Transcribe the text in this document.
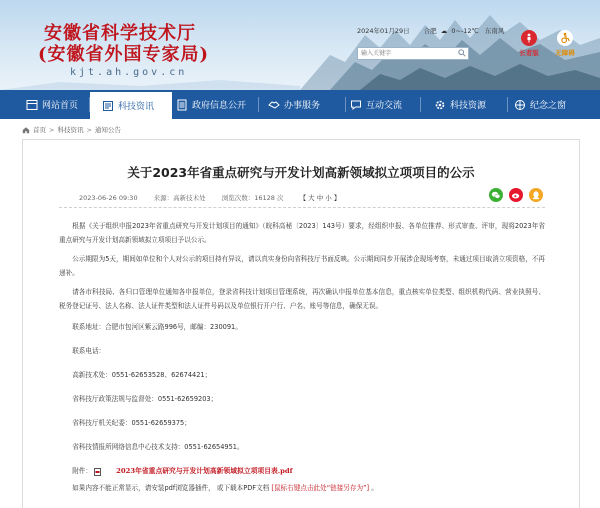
安徽省科学技术厅
(安徽省外国专家局)
kjt.ah.gov.cn
2024年01月29日 合肥 ☁ 0~-12℃ 东南风
输入关键字
长者版	无障碍
网站首页	科技资讯	政府信息公开	办事服务	互动交流	科技资源	纪念之窗
首页 > 科技资讯 > 通知公告
关于2023年省重点研究与开发计划高新领域拟立项项目的公示
2023-06-26 09:30 来源：高新技术处 浏览次数：16128 次 【 大 中 小 】

根据《关于组织申报2023年省重点研究与开发计划项目的通知》（皖科高秘〔2023〕143号）要求，经组织申报、各单位推荐、形式审查、评审，现将2023年省重点研究与开发计划高新领域拟立项项目予以公示。

公示期限为5天，期间如单位和个人对公示的项目持有异议，请以真实身份向省科技厅书面反映。公示期间同步开展涉企现场考察，未通过项目取消立项资格，不再递补。

请各市科技局、各归口管理单位通知各申报单位，登录省科技计划项目管理系统，再次确认申报单位基本信息，重点核实单位类型、组织机构代码、营业执照号、税务登记证号、法人名称、法人证件类型和法人证件号码以及单位银行开户行、户名、账号等信息，确保无误。

联系地址：合肥市包河区紫云路996号，邮编：230091。

联系电话：

高新技术处：0551-62653528、62674421；

省科技厅政策法规与监督处：0551-62659203；

省科技厅机关纪委：0551-62659375；

省科技情报所网络信息中心技术支持：0551-62654951。

附件：	2023年省重点研究与开发计划高新领域拟立项项目表.pdf
如果内容不能正常显示，请安装pdf浏览器插件， 或下载本PDF文档 [鼠标右键点击此处“链接另存为”] 。
